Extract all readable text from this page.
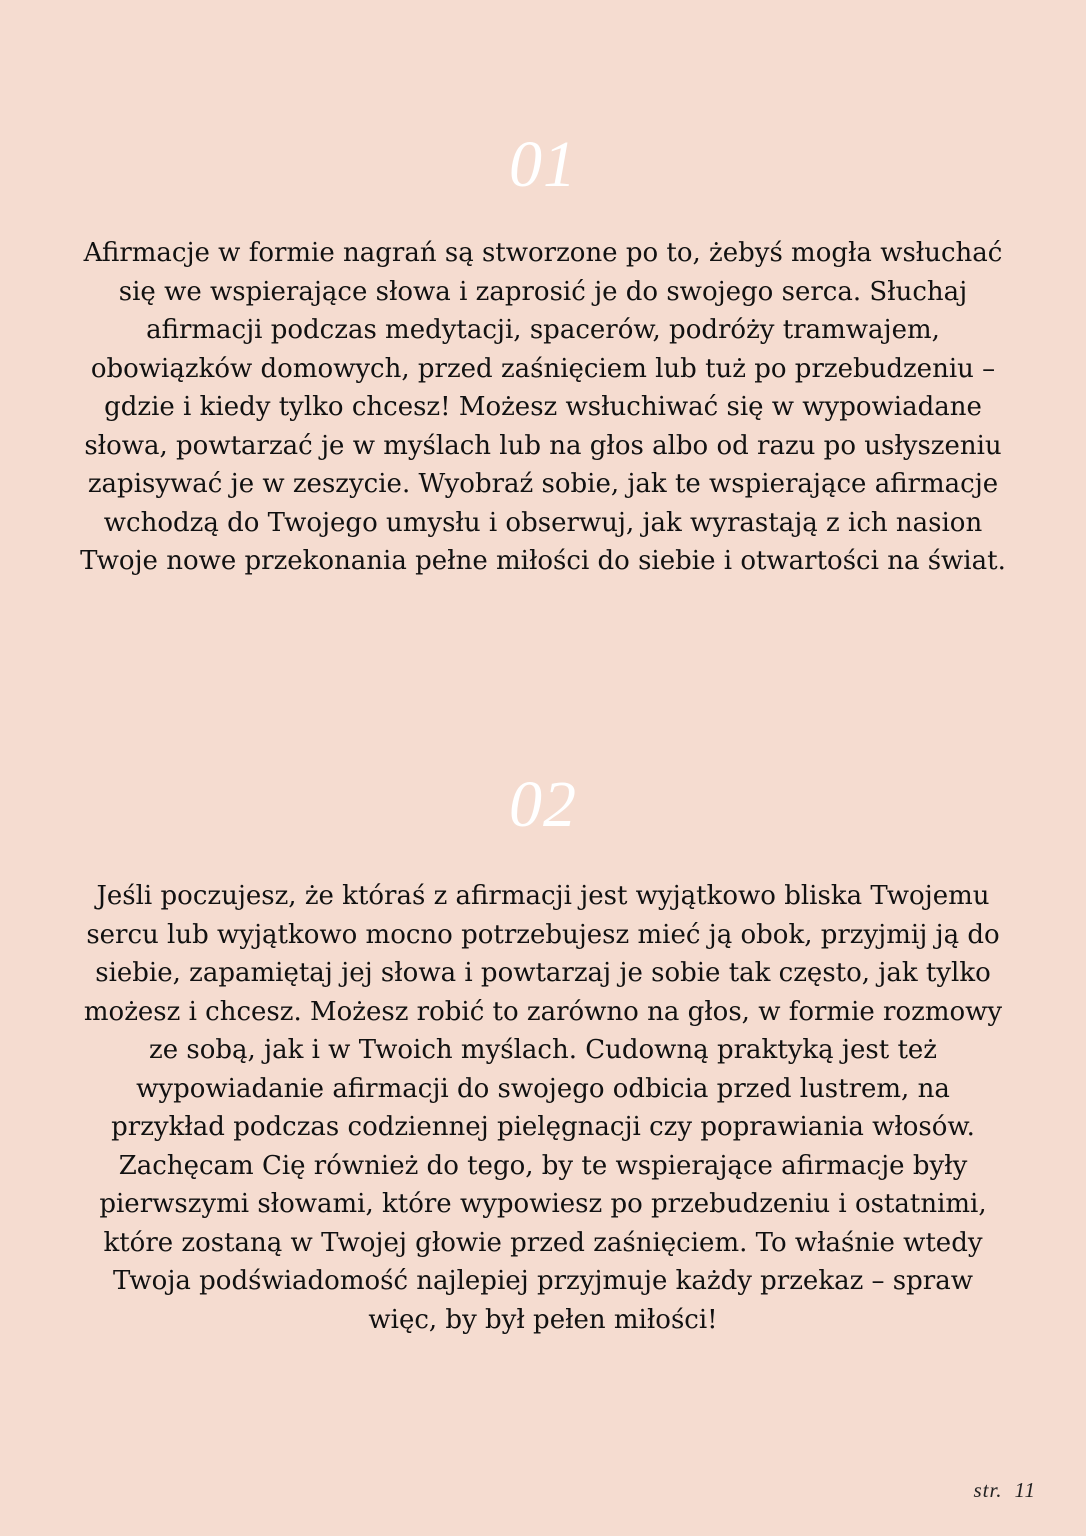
01

Afirmacje w formie nagrań są stworzone po to, żebyś mogła wsłuchać się we wspierające słowa i zaprosić je do swojego serca. Słuchaj afirmacji podczas medytacji, spacerów, podróży tramwajem, obowiązków domowych, przed zaśnięciem lub tuż po przebudzeniu – gdzie i kiedy tylko chcesz! Możesz wsłuchiwać się w wypowiadane słowa, powtarzać je w myślach lub na głos albo od razu po usłyszeniu zapisywać je w zeszycie. Wyobraź sobie, jak te wspierające afirmacje wchodzą do Twojego umysłu i obserwuj, jak wyrastają z ich nasion Twoje nowe przekonania pełne miłości do siebie i otwartości na świat.

02

Jeśli poczujesz, że któraś z afirmacji jest wyjątkowo bliska Twojemu sercu lub wyjątkowo mocno potrzebujesz mieć ją obok, przyjmij ją do siebie, zapamiętaj jej słowa i powtarzaj je sobie tak często, jak tylko możesz i chcesz. Możesz robić to zarówno na głos, w formie rozmowy ze sobą, jak i w Twoich myślach. Cudowną praktyką jest też wypowiadanie afirmacji do swojego odbicia przed lustrem, na przykład podczas codziennej pielęgnacji czy poprawiania włosów. Zachęcam Cię również do tego, by te wspierające afirmacje były pierwszymi słowami, które wypowiesz po przebudzeniu i ostatnimi, które zostaną w Twojej głowie przed zaśnięciem. To właśnie wtedy Twoja podświadomość najlepiej przyjmuje każdy przekaz – spraw więc, by był pełen miłości!

str. 11
